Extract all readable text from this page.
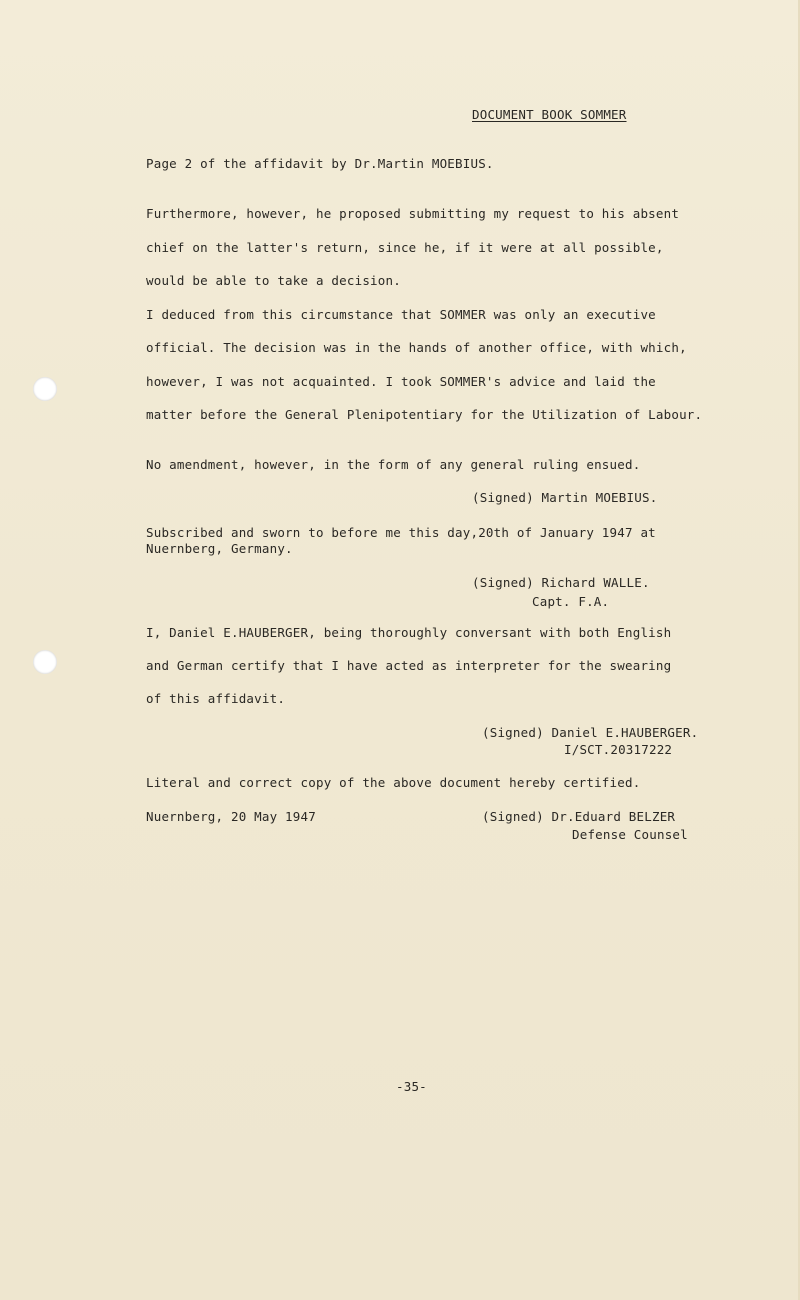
DOCUMENT BOOK SOMMER
Page 2 of the affidavit by Dr.Martin MOEBIUS.
Furthermore, however, he proposed submitting my request to his absent
chief on the latter's return, since he, if it were at all possible,
would be able to take a decision.
I deduced from this circumstance that SOMMER was only an executive
official. The decision was in the hands of another office, with which,
however, I was not acquainted. I took SOMMER's advice and laid the
matter before the General Plenipotentiary for the Utilization of Labour.
No amendment, however, in the form of any general ruling ensued.
(Signed) Martin MOEBIUS.
Subscribed and sworn to before me this day,20th of January 1947 at
Nuernberg, Germany.
(Signed) Richard WALLE.
Capt. F.A.
I, Daniel E.HAUBERGER, being thoroughly conversant with both English
and German certify that I have acted as interpreter for the swearing
of this affidavit.
(Signed) Daniel E.HAUBERGER.
I/SCT.20317222
Literal and correct copy of the above document hereby certified.
Nuernberg, 20 May 1947	(Signed) Dr.Eduard BELZER
Defense Counsel
-35-
